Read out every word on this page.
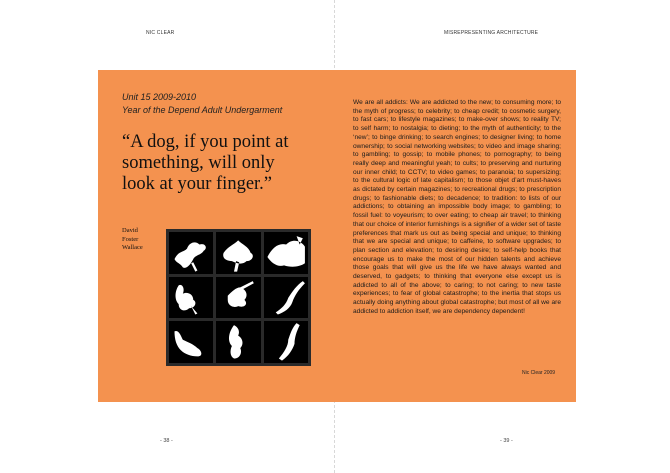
NIC CLEAR	MISREPRESENTING ARCHITECTURE
Unit 15 2009-2010
Year of the Depend Adult Undergarment
“A dog, if you point at something, will only look at your finger.”
David
Foster
Wallace
We are all addicts: We are addicted to the new; to consuming more; to the myth of progress; to celebrity; to cheap credit; to cosmetic surgery, to fast cars; to lifestyle magazines; to make-over shows; to reality TV; to self harm; to nostalgia; to dieting; to the myth of authenticity; to the ‘new’; to binge drinking; to search engines; to designer living; to home ownership; to social networking websites; to video and image sharing; to gambling; to gossip; to mobile phones; to pornography; to being really deep and meaningful yeah; to cults; to preserving and nurturing our inner child; to CCTV; to video games; to paranoia; to supersizing; to the cultural logic of late capitalism; to those objet d’art must-haves as dictated by certain magazines; to recreational drugs; to prescription drugs; to fashionable diets; to decadence; to tradition: to lists of our addictions; to obtaining an impossible body image; to gambling; to fossil fuel: to voyeurism; to over eating; to cheap air travel; to thinking that our choice of interior furnishings is a signifier of a wider set of taste preferences that mark us out as being special and unique; to thinking that we are special and unique; to caffeine, to software upgrades; to plan section and elevation; to desiring desire; to self-help books that encourage us to make the most of our hidden talents and achieve those goals that will give us the life we have always wanted and deserved, to gadgets; to thinking that everyone else except us is addicted to all of the above; to caring; to not caring; to new taste experiences; to fear of global catastrophe; to the inertia that stops us actually doing anything about global catastrophe; but most of all we are addicted to addiction itself, we are dependency dependent!
Nic Clear 2009
- 38 -	- 39 -
